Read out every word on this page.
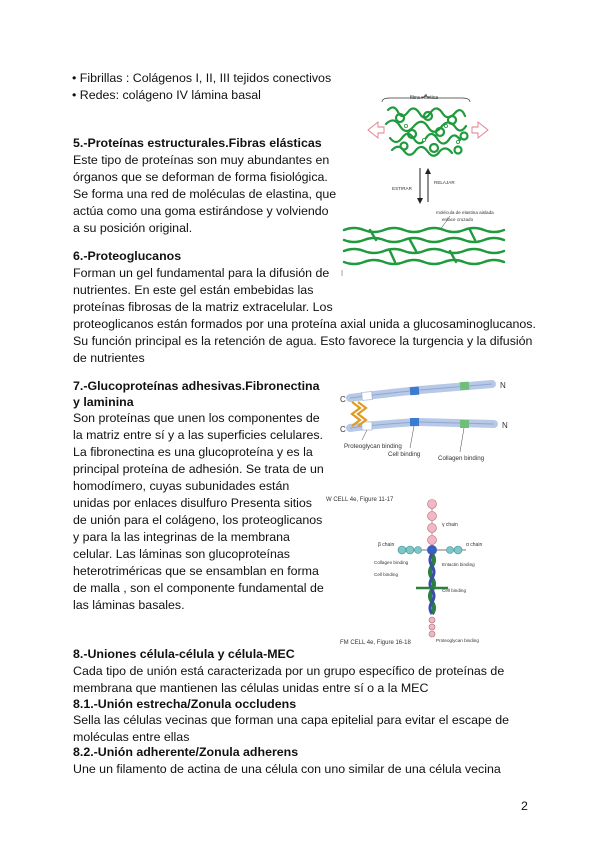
• Fibrillas : Colágenos I, II, III tejidos conectivos
• Redes: colágeno IV lámina basal
5.-Proteínas estructurales.Fibras elásticas
Este tipo de proteínas son muy abundantes en
órganos que se deforman de forma fisiológica.
Se forma una red de moléculas de elastina, que
actúa como una goma estirándose y volviendo
a su posición original.
fibra elastica
ESTIRAR
RELAJAR
molécula de elastina aislada
enlace cruzado
6.-Proteoglucanos
Forman un gel fundamental para la difusión de
nutrientes. En este gel están embebidas las
proteínas fibrosas de la matriz extracelular. Los
proteoglicanos están formados por una proteína axial unida a glucosaminoglucanos.
Su función principal es la retención de agua. Esto favorece la turgencia y la difusión
de nutrientes
7.-Glucoproteínas adhesivas.Fibronectina
y laminina
Son proteínas que unen los componentes de
la matriz entre sí y a las superficies celulares.
La fibronectina es una glucoproteína y es la
principal proteína de adhesión. Se trata de un
homodímero, cuyas subunidades están
unidas por enlaces disulfuro Presenta sitios
de unión para el colágeno, los proteoglicanos
y para la las integrinas de la membrana
celular. Las láminas son glucoproteínas
heterotriméricas que se ensamblan en forma
de malla , son el componente fundamental de
las láminas basales.
C
C
N
N
Proteoglycan binding
Cell binding
Collagen binding
W CELL 4e, Figure 11-17
β chain	α chain
γ chain
Collagen binding
Cell binding
Entactin binding
Cell binding
Proteoglycan binding
FM CELL 4e, Figure 16-18
8.-Uniones célula-célula y célula-MEC
Cada tipo de unión está caracterizada por un grupo específico de proteínas de
membrana que mantienen las células unidas entre sí o a la MEC
8.1.-Unión estrecha/Zonula occludens
Sella las células vecinas que forman una capa epitelial para evitar el escape de
moléculas entre ellas
8.2.-Unión adherente/Zonula adherens
Une un filamento de actina de una célula con uno similar de una célula vecina
2
